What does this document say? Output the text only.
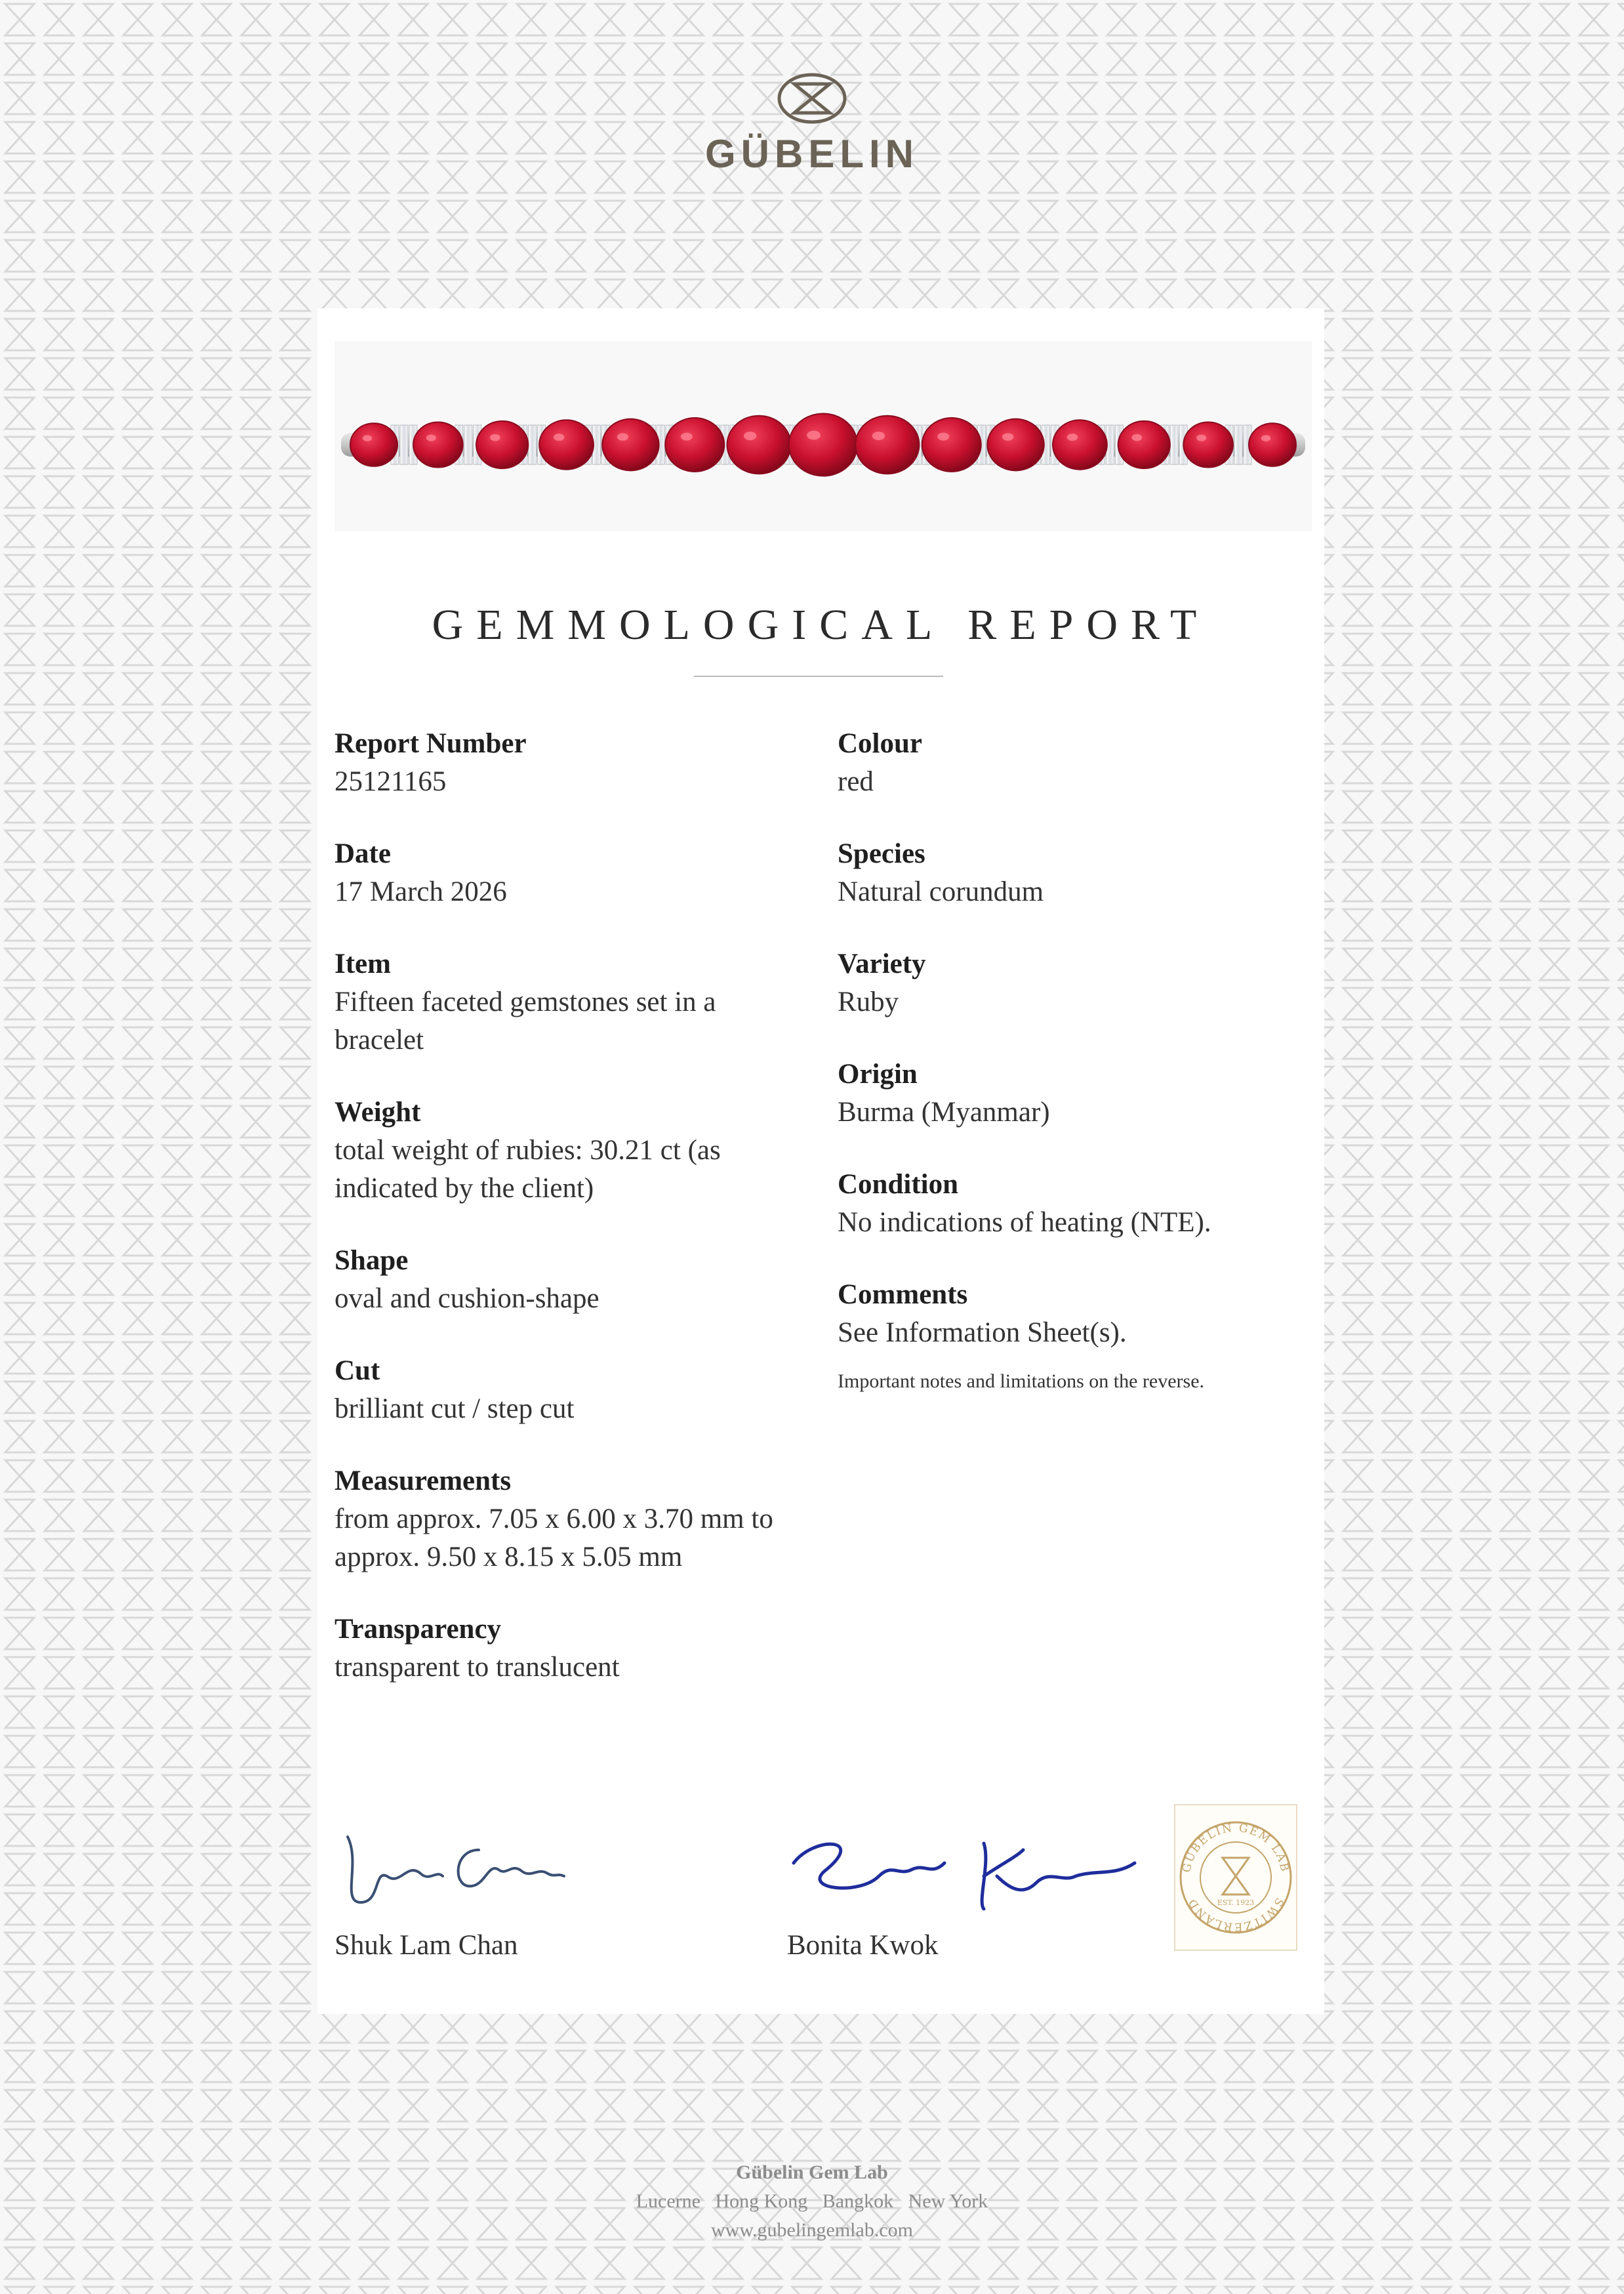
GÜBELIN
GEMMOLOGICAL REPORT
Report Number
25121165
Date
17 March 2026
Item
Fifteen faceted gemstones set in a bracelet
Weight
total weight of rubies: 30.21 ct (as indicated by the client)
Shape
oval and cushion-shape
Cut
brilliant cut / step cut
Measurements
from approx. 7.05 x 6.00 x 3.70 mm to approx. 9.50 x 8.15 x 5.05 mm
Transparency
transparent to translucent
Colour
red
Species
Natural corundum
Variety
Ruby
Origin
Burma (Myanmar)
Condition
No indications of heating (NTE).
Comments
See Information Sheet(s).
Important notes and limitations on the reverse.
Shuk Lam Chan	Bonita Kwok
GÜBELIN GEM LAB
SWITZERLAND	EST. 1923
Gübelin Gem Lab
Lucerne   Hong Kong   Bangkok   New York
www.gubelingemlab.com
